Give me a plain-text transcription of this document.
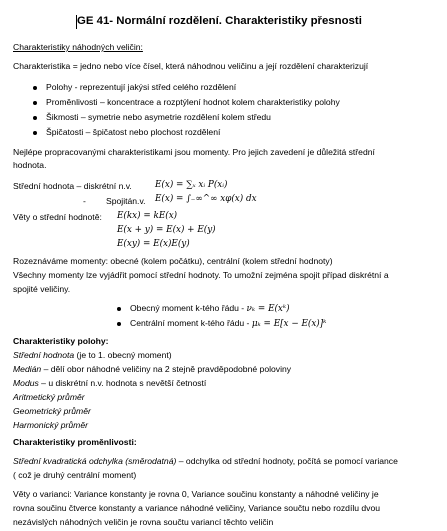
GE 41- Normální rozdělení. Charakteristiky přesnosti
Charakteristiky náhodných veličin:
Charakteristika = jedno nebo více čísel, která náhodnou veličinu a její rozdělení charakterizují
Polohy - reprezentují jakýsi střed celého rozdělení
Proměnlivosti – koncentrace a rozptýlení hodnot kolem charakteristiky polohy
Šikmosti – symetrie nebo asymetrie rozdělení kolem středu
Špičatosti – špičatost nebo plochost rozdělení
Nejlépe propracovanými charakteristikami jsou momenty. Pro jejich zavedení je důležitá střední
hodnota.
Střední hodnota – diskrétní n.v.	E(x) = ∑ₓ xᵢ P(xᵢ)
-	Spojitán.v.	E(x) = ∫₋∞^∞ xφ(x) dx
Věty o střední hodnotě:	E(kx) = kE(x)
E(x + y) = E(x) + E(y)
E(xy) = E(x)E(y)
Rozeznáváme momenty: obecné (kolem počátku), centrální (kolem střední hodnoty)
Všechny momenty lze vyjádřit pomocí střední hodnoty. To umožní zejména spojit případ diskrétní a
spojité veličiny.
Obecný moment k-tého řádu - νₖ = E(xᵏ)
Centrální moment k-tého řádu - μₖ = E[x − E(x)]ᵏ
Charakteristiky polohy:
Střední hodnota (je to 1. obecný moment)
Medián – dělí obor náhodné veličiny na 2 stejně pravděpodobné poloviny
Modus – u diskrétní n.v. hodnota s nevětší četností
Aritmetický průměr
Geometrický průměr
Harmonický průměr
Charakteristiky proměnlivosti:
Střední kvadratická odchylka (směrodatná) – odchylka od střední hodnoty, počítá se pomocí variance
( což je druhý centrální moment)
Věty o varianci: Variance konstanty je rovna 0, Variance součinu konstanty a náhodné veličiny je
rovna součinu čtverce konstanty a variance náhodné veličiny, Variance součtu nebo rozdílu dvou
nezávislých náhodných veličin je rovna součtu variancí těchto veličin
